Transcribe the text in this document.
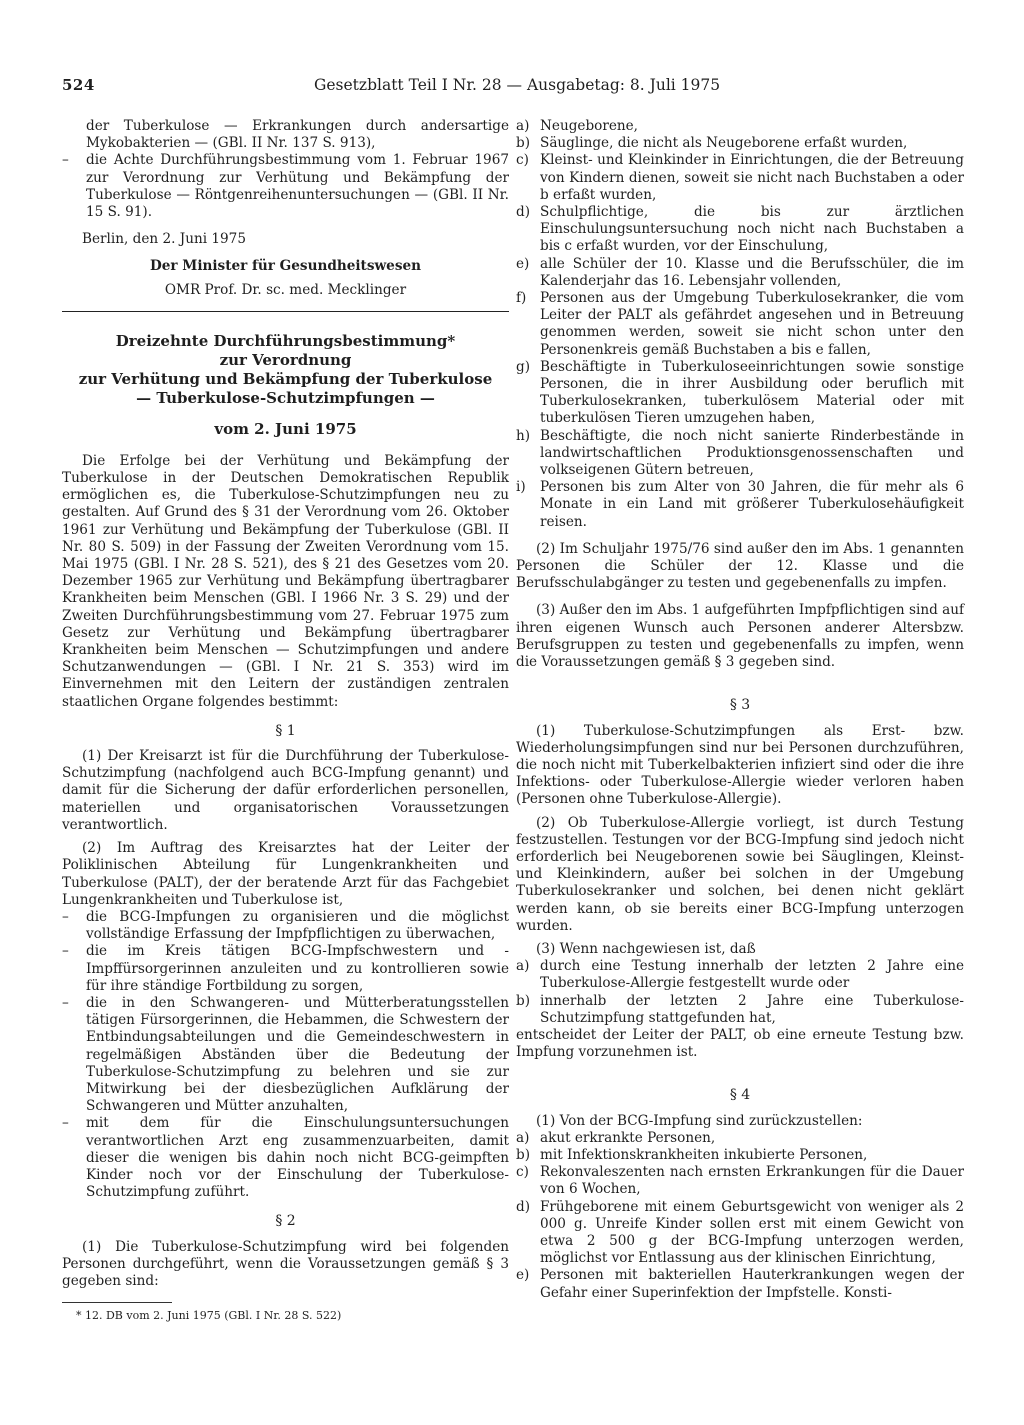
524	Gesetzblatt Teil I Nr. 28 — Ausgabetag: 8. Juli 1975

der Tuberkulose — Erkrankungen durch andersartige Mykobakterien — (GBl. II Nr. 137 S. 913),

– die Achte Durchführungsbestimmung vom 1. Februar 1967 zur Verordnung zur Verhütung und Bekämpfung der Tuberkulose — Röntgenreihenuntersuchungen — (GBl. II Nr. 15 S. 91).

Berlin, den 2. Juni 1975

Der Minister für Gesundheitswesen

OMR Prof. Dr. sc. med. Mecklinger

Dreizehnte Durchführungsbestimmung*
zur Verordnung
zur Verhütung und Bekämpfung der Tuberkulose
— Tuberkulose-Schutzimpfungen —
vom 2. Juni 1975

Die Erfolge bei der Verhütung und Bekämpfung der Tuberkulose in der Deutschen Demokratischen Republik ermöglichen es, die Tuberkulose-Schutzimpfungen neu zu gestalten. Auf Grund des § 31 der Verordnung vom 26. Oktober 1961 zur Verhütung und Bekämpfung der Tuberkulose (GBl. II Nr. 80 S. 509) in der Fassung der Zweiten Verordnung vom 15. Mai 1975 (GBl. I Nr. 28 S. 521), des § 21 des Gesetzes vom 20. Dezember 1965 zur Verhütung und Bekämpfung übertragbarer Krankheiten beim Menschen (GBl. I 1966 Nr. 3 S. 29) und der Zweiten Durchführungsbestimmung vom 27. Februar 1975 zum Gesetz zur Verhütung und Bekämpfung übertragbarer Krankheiten beim Menschen — Schutzimpfungen und andere Schutzanwendungen — (GBl. I Nr. 21 S. 353) wird im Einvernehmen mit den Leitern der zuständigen zentralen staatlichen Organe folgendes bestimmt:

§ 1

(1) Der Kreisarzt ist für die Durchführung der Tuberkulose-Schutzimpfung (nachfolgend auch BCG-Impfung genannt) und damit für die Sicherung der dafür erforderlichen personellen, materiellen und organisatorischen Voraussetzungen verantwortlich.

(2) Im Auftrag des Kreisarztes hat der Leiter der Poliklinischen Abteilung für Lungenkrankheiten und Tuberkulose (PALT), der der beratende Arzt für das Fachgebiet Lungenkrankheiten und Tuberkulose ist,

– die BCG-Impfungen zu organisieren und die möglichst vollständige Erfassung der Impfpflichtigen zu überwachen,
– die im Kreis tätigen BCG-Impfschwestern und -Impffürsorgerinnen anzuleiten und zu kontrollieren sowie für ihre ständige Fortbildung zu sorgen,
– die in den Schwangeren- und Mütterberatungsstellen tätigen Fürsorgerinnen, die Hebammen, die Schwestern der Entbindungsabteilungen und die Gemeindeschwestern in regelmäßigen Abständen über die Bedeutung der Tuberkulose-Schutzimpfung zu belehren und sie zur Mitwirkung bei der diesbezüglichen Aufklärung der Schwangeren und Mütter anzuhalten,
– mit dem für die Einschulungsuntersuchungen verantwortlichen Arzt eng zusammenzuarbeiten, damit dieser die wenigen bis dahin noch nicht BCG-geimpften Kinder noch vor der Einschulung der Tuberkulose-Schutzimpfung zuführt.
§ 2

(1) Die Tuberkulose-Schutzimpfung wird bei folgenden Personen durchgeführt, wenn die Voraussetzungen gemäß § 3 gegeben sind:

* 12. DB vom 2. Juni 1975 (GBl. I Nr. 28 S. 522)

a) Neugeborene,
b) Säuglinge, die nicht als Neugeborene erfaßt wurden,
c) Kleinst- und Kleinkinder in Einrichtungen, die der Betreuung von Kindern dienen, soweit sie nicht nach Buchstaben a oder b erfaßt wurden,
d) Schulpflichtige, die bis zur ärztlichen Einschulungsuntersuchung noch nicht nach Buchstaben a bis c erfaßt wurden, vor der Einschulung,
e) alle Schüler der 10. Klasse und die Berufsschüler, die im Kalenderjahr das 16. Lebensjahr vollenden,
f) Personen aus der Umgebung Tuberkulosekranker, die vom Leiter der PALT als gefährdet angesehen und in Betreuung genommen werden, soweit sie nicht schon unter den Personenkreis gemäß Buchstaben a bis e fallen,
g) Beschäftigte in Tuberkuloseeinrichtungen sowie sonstige Personen, die in ihrer Ausbildung oder beruflich mit Tuberkulosekranken, tuberkulösem Material oder mit tuberkulösen Tieren umzugehen haben,
h) Beschäftigte, die noch nicht sanierte Rinderbestände in landwirtschaftlichen Produktionsgenossenschaften und volkseigenen Gütern betreuen,
i) Personen bis zum Alter von 30 Jahren, die für mehr als 6 Monate in ein Land mit größerer Tuberkulosehäufigkeit reisen.

(2) Im Schuljahr 1975/76 sind außer den im Abs. 1 genannten Personen die Schüler der 12. Klasse und die Berufsschulabgänger zu testen und gegebenenfalls zu impfen.

(3) Außer den im Abs. 1 aufgeführten Impfpflichtigen sind auf ihren eigenen Wunsch auch Personen anderer Altersbzw. Berufsgruppen zu testen und gegebenenfalls zu impfen, wenn die Voraussetzungen gemäß § 3 gegeben sind.

§ 3

(1) Tuberkulose-Schutzimpfungen als Erst- bzw. Wiederholungsimpfungen sind nur bei Personen durchzuführen, die noch nicht mit Tuberkelbakterien infiziert sind oder die ihre Infektions- oder Tuberkulose-Allergie wieder verloren haben (Personen ohne Tuberkulose-Allergie).

(2) Ob Tuberkulose-Allergie vorliegt, ist durch Testung festzustellen. Testungen vor der BCG-Impfung sind jedoch nicht erforderlich bei Neugeborenen sowie bei Säuglingen, Kleinst- und Kleinkindern, außer bei solchen in der Umgebung Tuberkulosekranker und solchen, bei denen nicht geklärt werden kann, ob sie bereits einer BCG-Impfung unterzogen wurden.

(3) Wenn nachgewiesen ist, daß

a) durch eine Testung innerhalb der letzten 2 Jahre eine Tuberkulose-Allergie festgestellt wurde oder
b) innerhalb der letzten 2 Jahre eine Tuberkulose-Schutzimpfung stattgefunden hat,

entscheidet der Leiter der PALT, ob eine erneute Testung bzw. Impfung vorzunehmen ist.

§ 4

(1) Von der BCG-Impfung sind zurückzustellen:

a) akut erkrankte Personen,
b) mit Infektionskrankheiten inkubierte Personen,
c) Rekonvaleszenten nach ernsten Erkrankungen für die Dauer von 6 Wochen,
d) Frühgeborene mit einem Geburtsgewicht von weniger als 2 000 g. Unreife Kinder sollen erst mit einem Gewicht von etwa 2 500 g der BCG-Impfung unterzogen werden, möglichst vor Entlassung aus der klinischen Einrichtung,
e) Personen mit bakteriellen Hauterkrankungen wegen der Gefahr einer Superinfektion der Impfstelle. Konsti-
